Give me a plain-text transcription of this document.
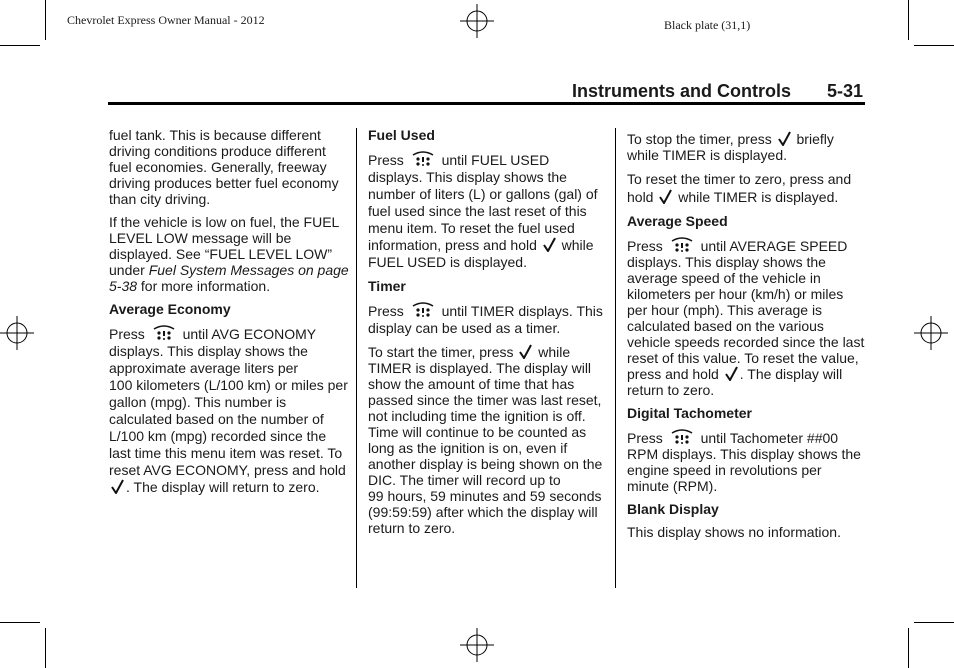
Chevrolet Express Owner Manual - 2012	Black plate (31,1)
Instruments and Controls 5-31

fuel tank. This is because different driving conditions produce different fuel economies. Generally, freeway driving produces better fuel economy than city driving.

If the vehicle is low on fuel, the FUEL LEVEL LOW message will be displayed. See “FUEL LEVEL LOW” under Fuel System Messages on page 5-38 for more information.

Average Economy

Press	until AVG ECONOMY displays. This display shows the approximate average liters per 100 kilometers (L/100 km) or miles per gallon (mpg). This number is calculated based on the number of L/100 km (mpg) recorded since the last time this menu item was reset. To reset AVG ECONOMY, press and hold . The display will return to zero.

Fuel Used

Press	until FUEL USED displays. This display shows the number of liters (L) or gallons (gal) of fuel used since the last reset of this menu item. To reset the fuel used information, press and hold while FUEL USED is displayed.

Timer

Press	until TIMER displays. This display can be used as a timer.

To start the timer, press while TIMER is displayed. The display will show the amount of time that has passed since the timer was last reset, not including time the ignition is off. Time will continue to be counted as long as the ignition is on, even if another display is being shown on the DIC. The timer will record up to 99 hours, 59 minutes and 59 seconds (99:59:59) after which the display will return to zero.

To stop the timer, press briefly while TIMER is displayed.

To reset the timer to zero, press and hold while TIMER is displayed.

Average Speed

Press	until AVERAGE SPEED displays. This display shows the average speed of the vehicle in kilometers per hour (km/h) or miles per hour (mph). This average is calculated based on the various vehicle speeds recorded since the last reset of this value. To reset the value, press and hold . The display will return to zero.

Digital Tachometer

Press	until Tachometer ##00 RPM displays. This display shows the engine speed in revolutions per minute (RPM).

Blank Display

This display shows no information.
